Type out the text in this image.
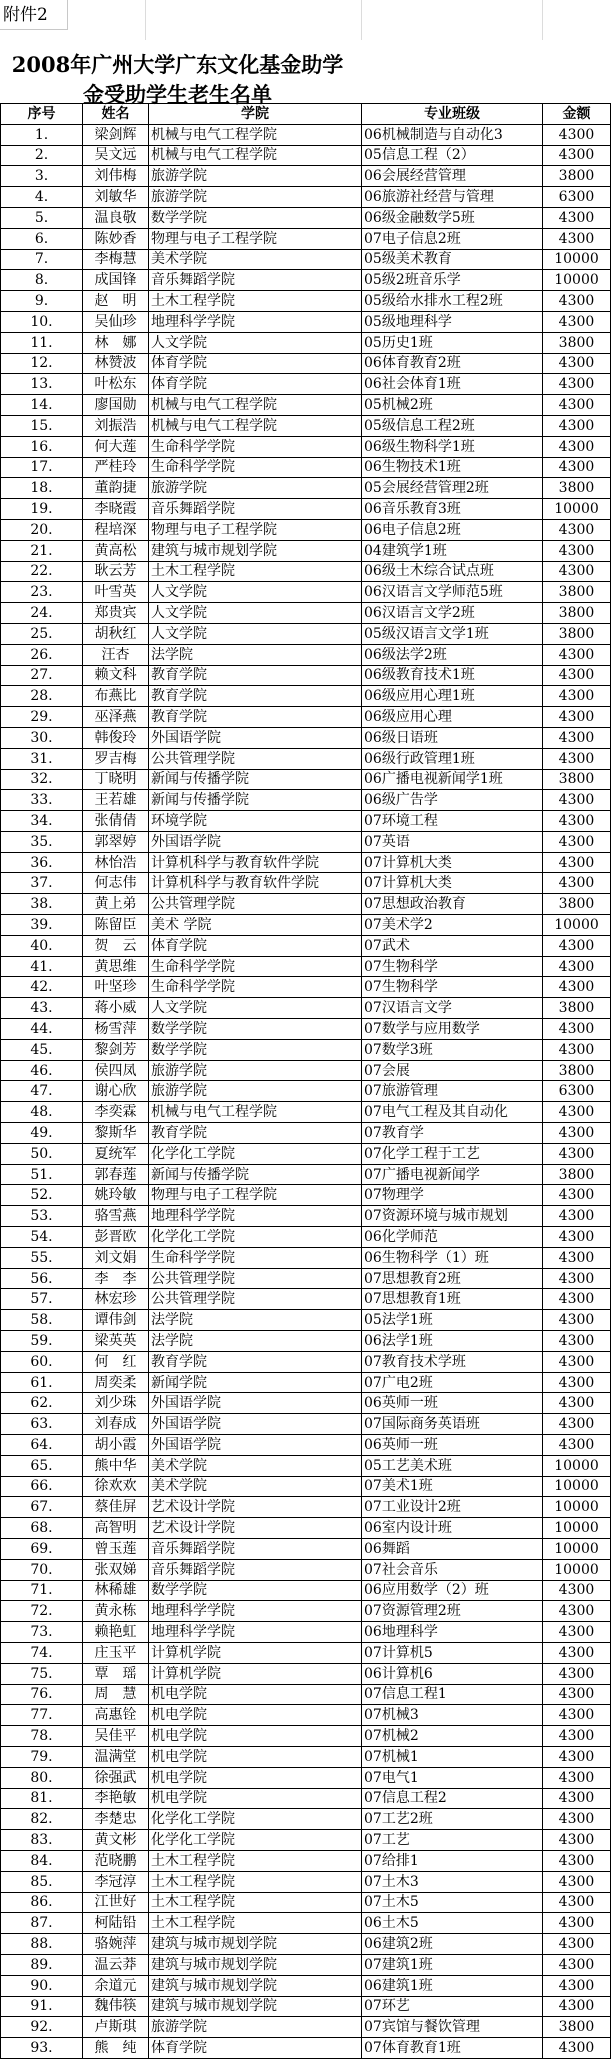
附件2
2008年广州大学广东文化基金助学
金受助学生老生名单
序号	姓名	学院	专业班级	金额
1.	梁剑辉	机械与电气工程学院	06机械制造与自动化3	4300
2.	吴文远	机械与电气工程学院	05信息工程（2）	4300
3.	刘伟梅	旅游学院	06会展经营管理	3800
4.	刘敏华	旅游学院	06旅游社经营与管理	6300
5.	温良敬	数学学院	06级金融数学5班	4300
6.	陈妙香	物理与电子工程学院	07电子信息2班	4300
7.	李梅慧	美术学院	05级美术教育	10000
8.	成国锋	音乐舞蹈学院	05级2班音乐学	10000
9.	赵　明	土木工程学院	05级给水排水工程2班	4300
10.	吴仙珍	地理科学学院	05级地理科学	4300
11.	林　娜	人文学院	05历史1班	3800
12.	林赞波	体育学院	06体育教育2班	4300
13.	叶松东	体育学院	06社会体育1班	4300
14.	廖国勋	机械与电气工程学院	05机械2班	4300
15.	刘振浩	机械与电气工程学院	05级信息工程2班	4300
16.	何大莲	生命科学学院	06级生物科学1班	4300
17.	严桂玲	生命科学学院	06生物技术1班	4300
18.	董韵捷	旅游学院	05会展经营管理2班	3800
19.	李晓霞	音乐舞蹈学院	06音乐教育3班	10000
20.	程培深	物理与电子工程学院	06电子信息2班	4300
21.	黄高松	建筑与城市规划学院	04建筑学1班	4300
22.	耿云芳	土木工程学院	06级土木综合试点班	4300
23.	叶雪英	人文学院	06汉语言文学师范5班	3800
24.	郑贵宾	人文学院	06汉语言文学2班	3800
25.	胡秋红	人文学院	05级汉语言文学1班	3800
26.	汪杏	法学院	06级法学2班	4300
27.	赖文科	教育学院	06级教育技术1班	4300
28.	布燕比	教育学院	06级应用心理1班	4300
29.	巫泽燕	教育学院	06级应用心理	4300
30.	韩俊玲	外国语学院	06级日语班	4300
31.	罗吉梅	公共管理学院	06级行政管理1班	4300
32.	丁晓明	新闻与传播学院	06广播电视新闻学1班	3800
33.	王若雄	新闻与传播学院	06级广告学	4300
34.	张倩倩	环境学院	07环境工程	4300
35.	郭翠婷	外国语学院	07英语	4300
36.	林怡浩	计算机科学与教育软件学院	07计算机大类	4300
37.	何志伟	计算机科学与教育软件学院	07计算机大类	4300
38.	黄上弟	公共管理学院	07思想政治教育	3800
39.	陈留臣	美术 学院	07美术学2	10000
40.	贺　云	体育学院	07武术	4300
41.	黄思维	生命科学学院	07生物科学	4300
42.	叶坚珍	生命科学学院	07生物科学	4300
43.	蒋小威	人文学院	07汉语言文学	3800
44.	杨雪萍	数学学院	07数学与应用数学	4300
45.	黎剑芳	数学学院	07数学3班	4300
46.	侯四凤	旅游学院	07会展	3800
47.	谢心欣	旅游学院	07旅游管理	6300
48.	李奕霖	机械与电气工程学院	07电气工程及其自动化	4300
49.	黎斯华	教育学院	07教育学	4300
50.	夏统军	化学化工学院	07化学工程于工艺	4300
51.	郭春莲	新闻与传播学院	07广播电视新闻学	3800
52.	姚玲敏	物理与电子工程学院	07物理学	4300
53.	骆雪燕	地理科学学院	07资源环境与城市规划	4300
54.	彭晋欧	化学化工学院	06化学师范	4300
55.	刘文娟	生命科学学院	06生物科学（1）班	4300
56.	李　李	公共管理学院	07思想教育2班	4300
57.	林宏珍	公共管理学院	07思想教育1班	4300
58.	谭伟剑	法学院	05法学1班	4300
59.	梁英英	法学院	06法学1班	4300
60.	何　红	教育学院	07教育技术学班	4300
61.	周奕柔	新闻学院	07广电2班	4300
62.	刘少珠	外国语学院	06英师一班	4300
63.	刘春成	外国语学院	07国际商务英语班	4300
64.	胡小霞	外国语学院	06英师一班	4300
65.	熊中华	美术学院	05工艺美术班	10000
66.	徐欢欢	美术学院	07美术1班	10000
67.	蔡佳屏	艺术设计学院	07工业设计2班	10000
68.	高智明	艺术设计学院	06室内设计班	10000
69.	曾玉莲	音乐舞蹈学院	06舞蹈	10000
70.	张双娣	音乐舞蹈学院	07社会音乐	10000
71.	林稀雄	数学学院	06应用数学（2）班	4300
72.	黄永栋	地理科学学院	07资源管理2班	4300
73.	赖艳虹	地理科学学院	06地理科学	4300
74.	庄玉平	计算机学院	07计算机5	4300
75.	覃　瑶	计算机学院	06计算机6	4300
76.	周　慧	机电学院	07信息工程1	4300
77.	高惠铨	机电学院	07机械3	4300
78.	吴佳平	机电学院	07机械2	4300
79.	温满堂	机电学院	07机械1	4300
80.	徐强武	机电学院	07电气1	4300
81.	李艳敏	机电学院	07信息工程2	4300
82.	李楚忠	化学化工学院	07工艺2班	4300
83.	黄文彬	化学化工学院	07工艺	4300
84.	范晓鹏	土木工程学院	07给排1	4300
85.	李冠淳	土木工程学院	07土木3	4300
86.	江世好	土木工程学院	07土木5	4300
87.	柯陆铅	土木工程学院	06土木5	4300
88.	骆婉萍	建筑与城市规划学院	06建筑2班	4300
89.	温云莽	建筑与城市规划学院	07建筑1班	4300
90.	余道元	建筑与城市规划学院	06建筑1班	4300
91.	魏伟筷	建筑与城市规划学院	07环艺	4300
92.	卢斯琪	旅游学院	07宾馆与餐饮管理	3800
93.	熊　纯	体育学院	07体育教育1班	4300
